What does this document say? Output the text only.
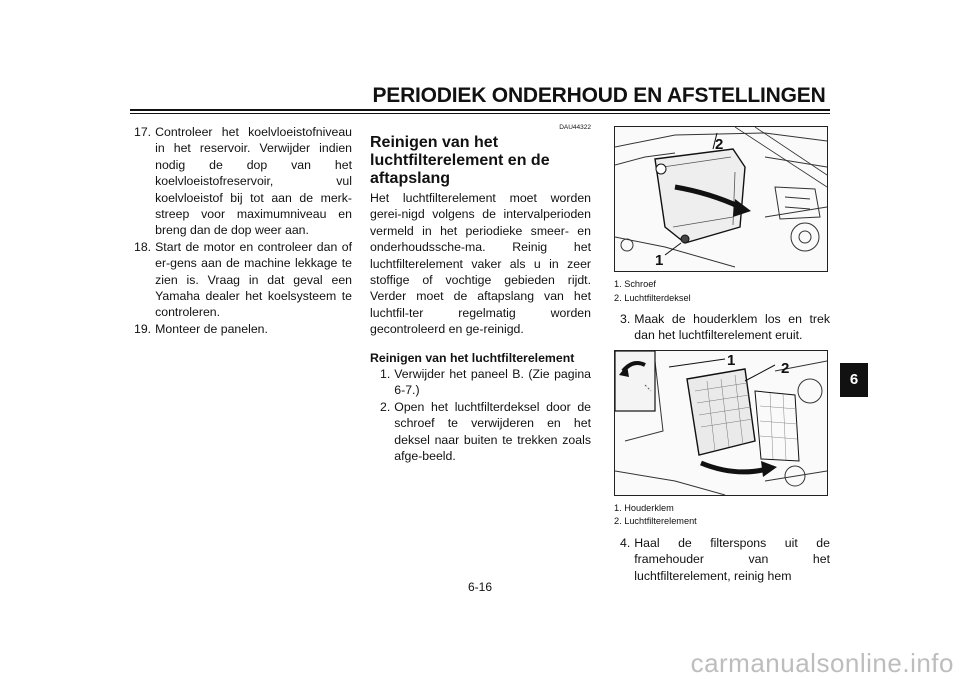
PERIODIEK ONDERHOUD EN AFSTELLINGEN
17. Controleer het koelvloeistofniveau in het reservoir. Verwijder indien nodig de dop van het koelvloeistofreservoir, vul koelvloeistof bij tot aan de merk-streep voor maximumniveau en breng dan de dop weer aan.
18. Start de motor en controleer dan of er-gens aan de machine lekkage te zien is. Vraag in dat geval een Yamaha dealer het koelsysteem te controleren.
19. Monteer de panelen.
DAU44322
Reinigen van het luchtfilterelement en de aftapslang
Het luchtfilterelement moet worden gerei-nigd volgens de intervalperioden vermeld in het periodieke smeer- en onderhoudssche-ma. Reinig het luchtfilterelement vaker als u in zeer stoffige of vochtige gebieden rijdt. Verder moet de aftapslang van het luchtfil-ter regelmatig worden gecontroleerd en ge-reinigd.
Reinigen van het luchtfilterelement
1. Verwijder het paneel B. (Zie pagina 6-7.)
2. Open het luchtfilterdeksel door de schroef te verwijderen en het deksel naar buiten te trekken zoals afge-beeld.
2
1
1. Schroef
2. Luchtfilterdeksel
3. Maak de houderklem los en trek dan het luchtfilterelement eruit.
1	2
1. Houderklem
2. Luchtfilterelement
4. Haal de filterspons uit de framehouder van het luchtfilterelement, reinig hem
6
6-16
carmanualsonline.info
